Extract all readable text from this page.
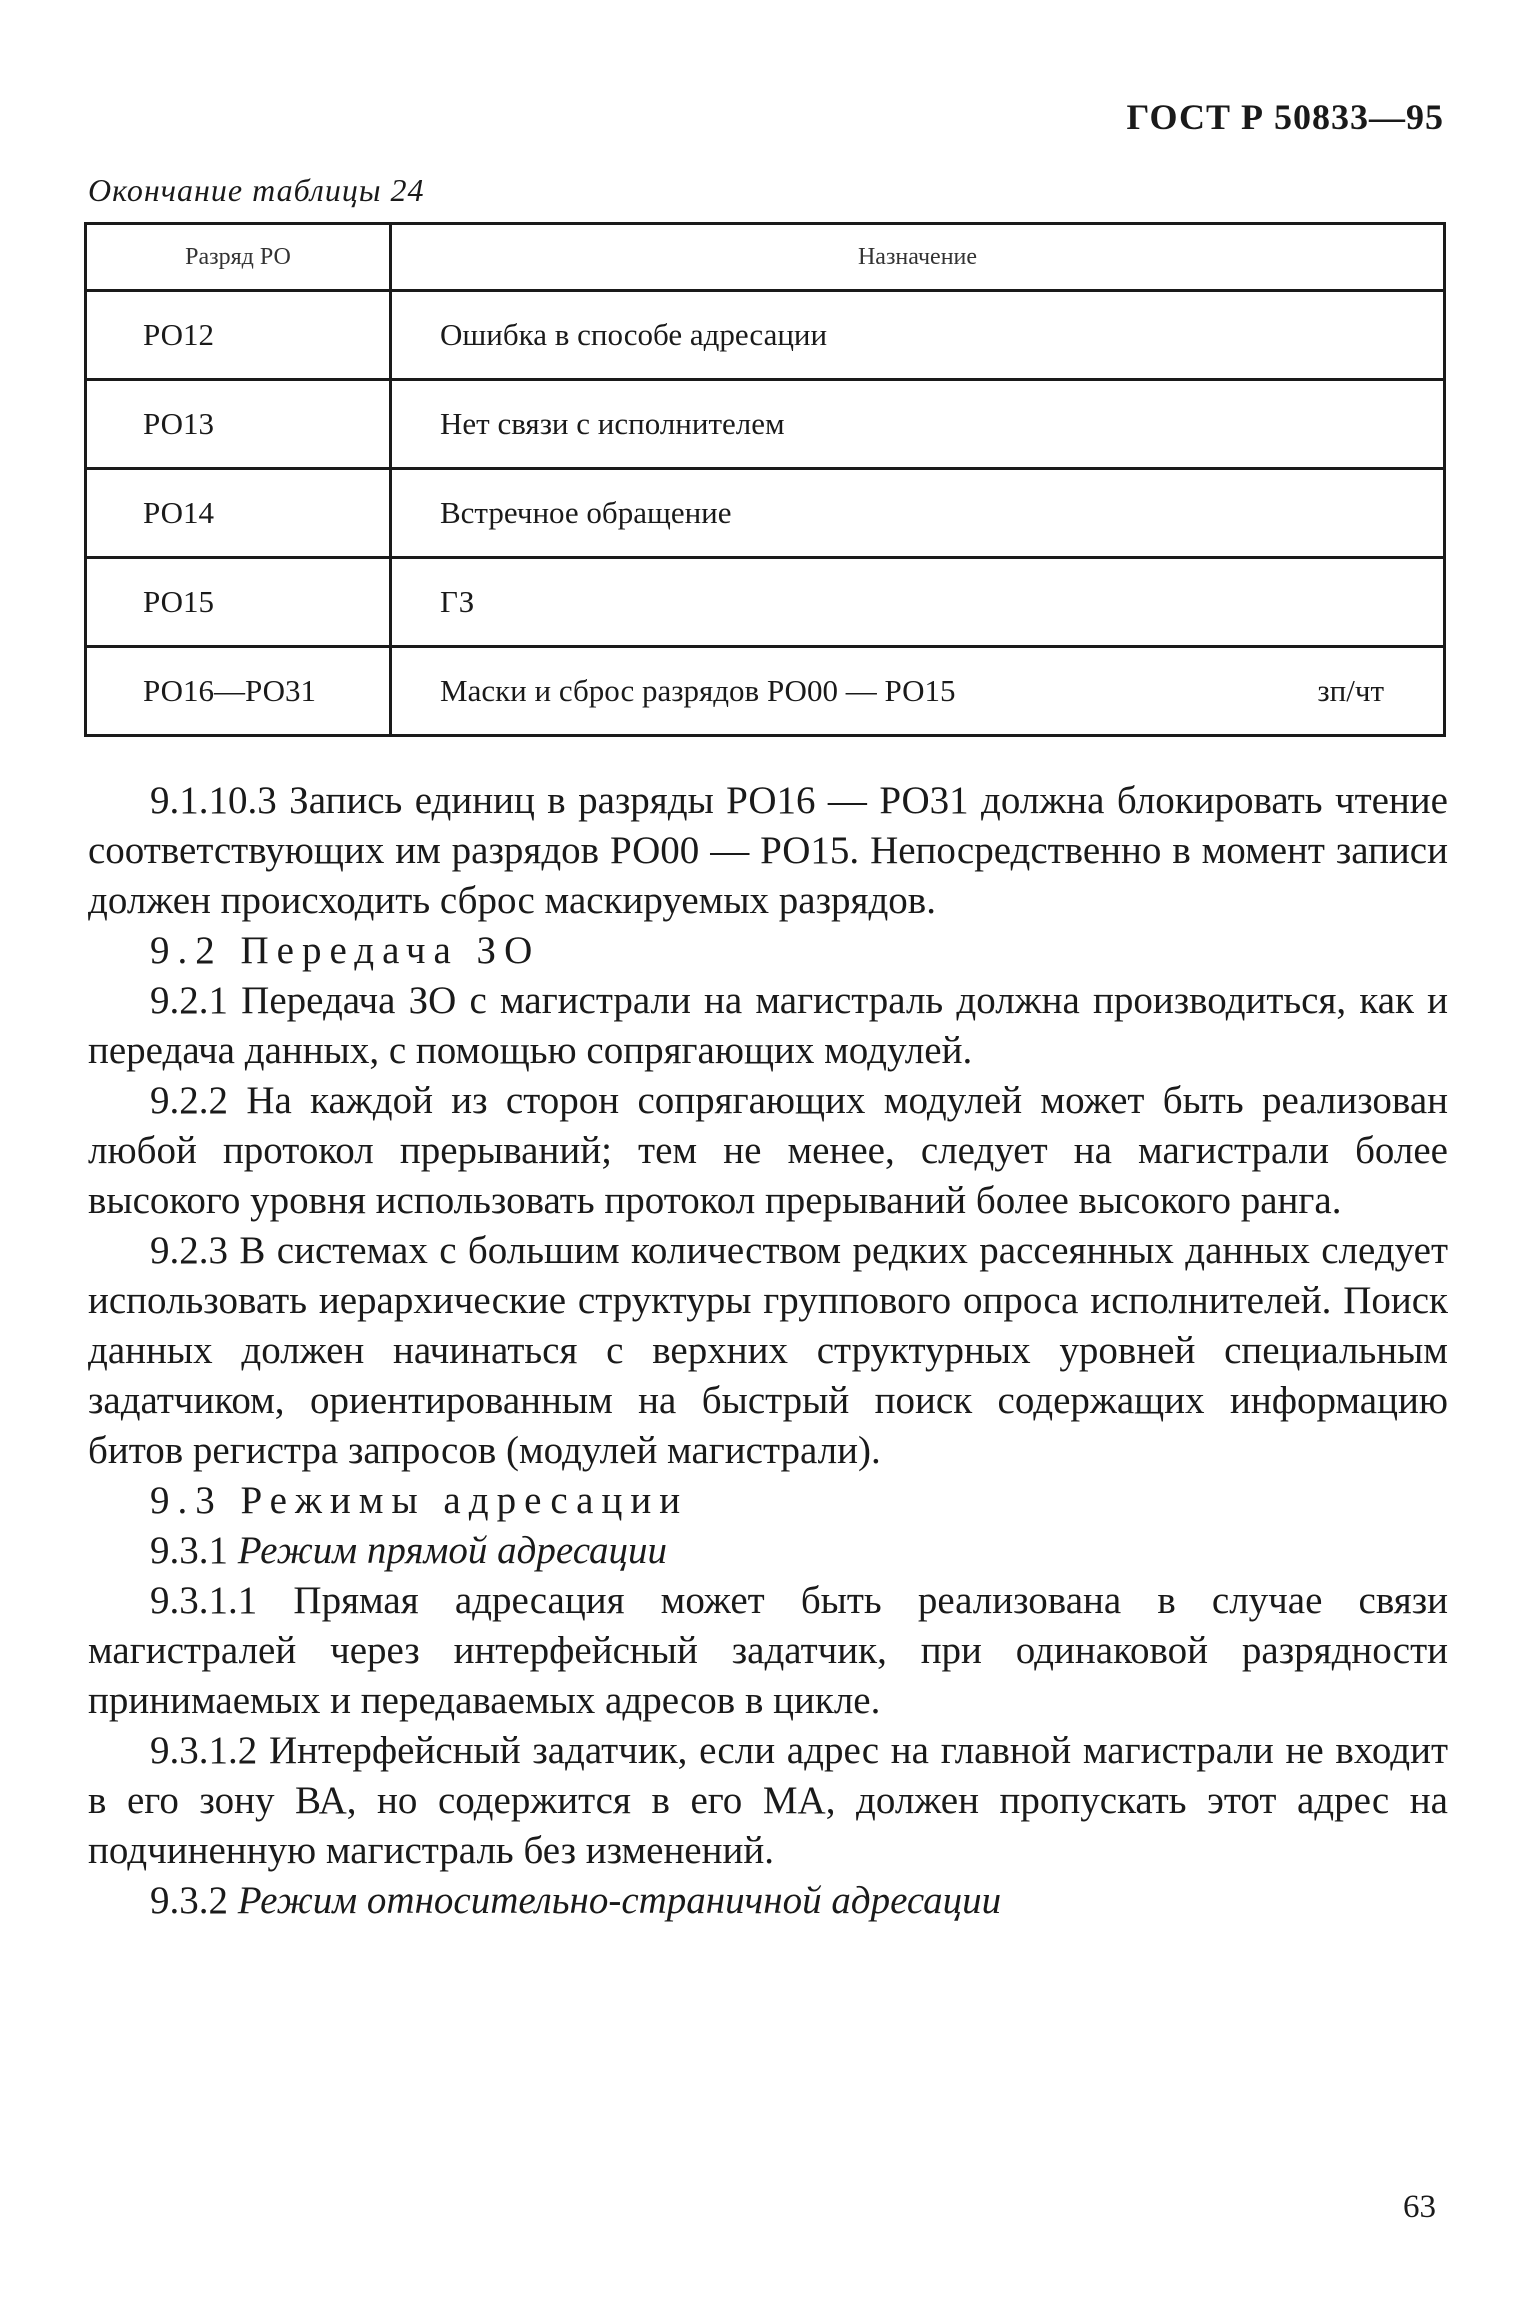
ГОСТ Р 50833—95
Окончание таблицы 24
Разряд РО	Назначение
РО12	Ошибка в способе адресации
РО13	Нет связи с исполнителем
РО14	Встречное обращение
РО15	ГЗ
РО16—РО31	Маски и сброс разрядов РО00 — РО15 зп/чт

9.1.10.3 Запись единиц в разряды РО16 — РО31 должна блокировать чтение соответствующих им разрядов РО00 — РО15. Непосредственно в момент записи должен происходить сброс маскируемых разрядов.

9.2 Передача ЗО

9.2.1 Передача ЗО с магистрали на магистраль должна производиться, как и передача данных, с помощью сопрягающих модулей.

9.2.2 На каждой из сторон сопрягающих модулей может быть реализован любой протокол прерываний; тем не менее, следует на магистрали более высокого уровня использовать протокол прерываний более высокого ранга.

9.2.3 В системах с большим количеством редких рассеянных данных следует использовать иерархические структуры группового опроса исполнителей. Поиск данных должен начинаться с верхних структурных уровней специальным задатчиком, ориентированным на быстрый поиск содержащих информацию битов регистра запросов (модулей магистрали).

9.3 Режимы адресации

9.3.1 Режим прямой адресации

9.3.1.1 Прямая адресация может быть реализована в случае связи магистралей через интерфейсный задатчик, при одинаковой разрядности принимаемых и передаваемых адресов в цикле.

9.3.1.2 Интерфейсный задатчик, если адрес на главной магистрали не входит в его зону ВА, но содержится в его МА, должен пропускать этот адрес на подчиненную магистраль без изменений.

9.3.2 Режим относительно-страничной адресации

63
